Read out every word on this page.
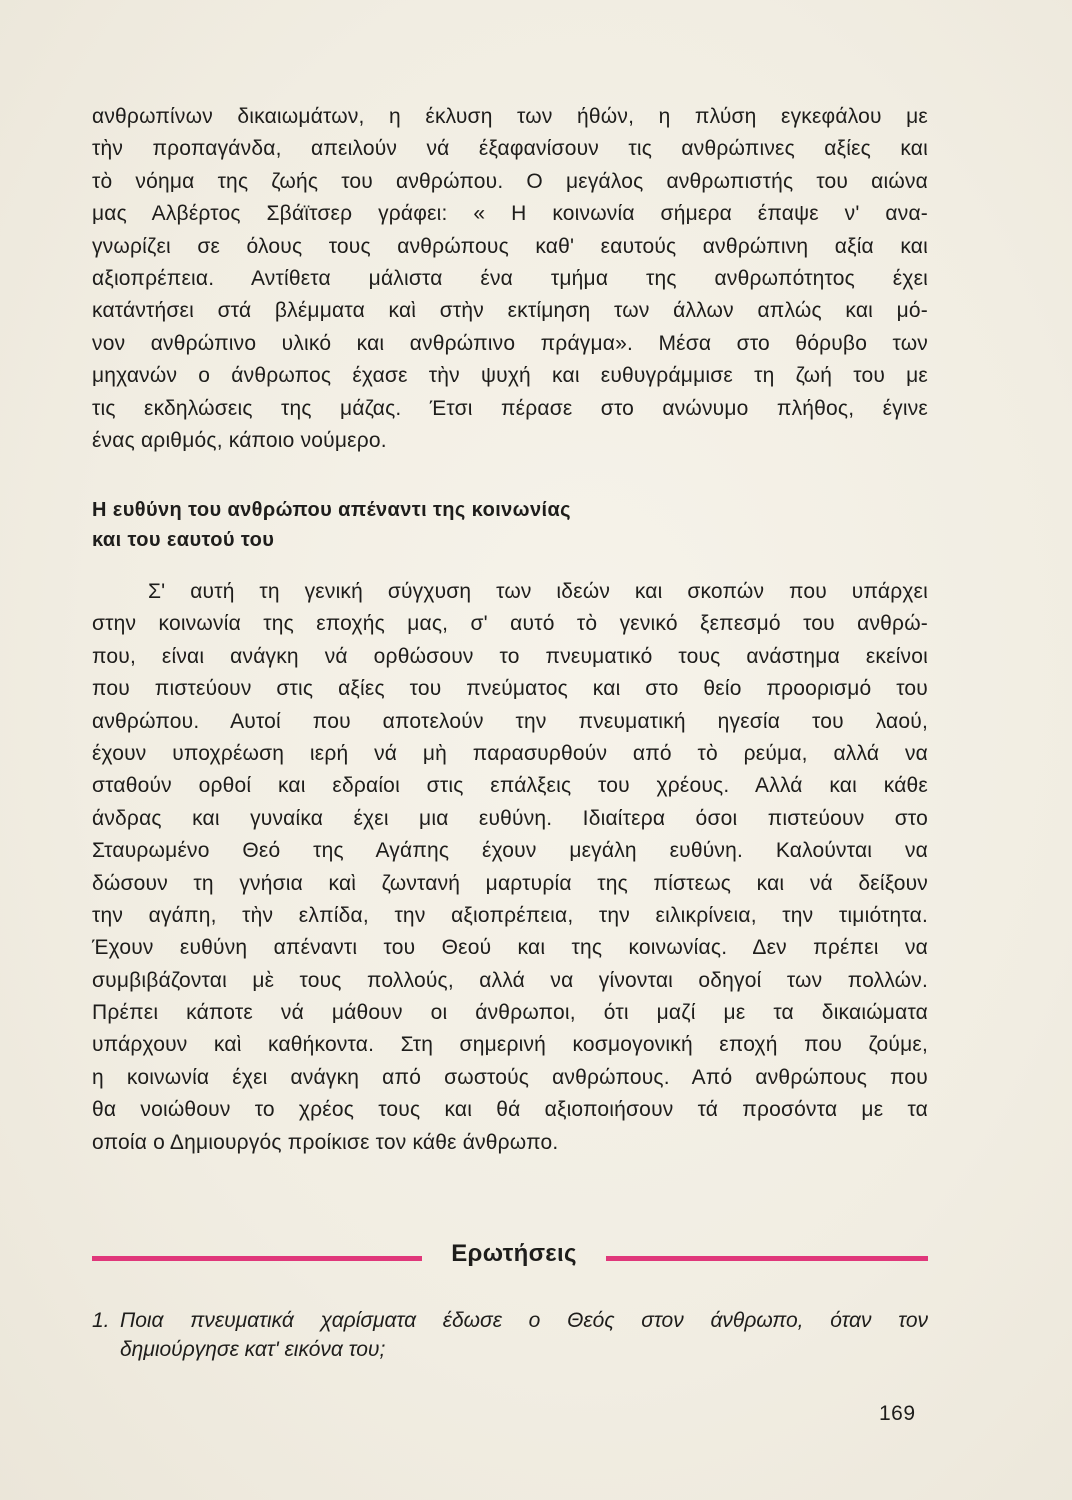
ανθρωπίνων δικαιωμάτων, η έκλυση των ήθών, η πλύση εγκεφάλου με
τὴν προπαγάνδα, απειλούν νά έξαφανίσουν τις ανθρώπινες αξίες και
τὸ νόημα της ζωής του ανθρώπου. Ο μεγάλος ανθρωπιστής του αιώνα
μας Αλβέρτος Σβάϊτσερ γράφει: « Η κοινωνία σήμερα έπαψε ν' ανα-
γνωρίζει σε όλους τους ανθρώπους καθ' εαυτούς ανθρώπινη αξία και
αξιοπρέπεια. Αντίθετα μάλιστα ένα τμήμα της ανθρωπότητος έχει
κατάντήσει στά βλέμματα καὶ στὴν εκτίμηση των άλλων απλώς και μό-
νον ανθρώπινο υλικό και ανθρώπινο πράγμα». Μέσα στο θόρυβο των
μηχανών ο άνθρωπος έχασε τὴν ψυχή και ευθυγράμμισε τη ζωή του με
τις εκδηλώσεις της μάζας. Έτσι πέρασε στο ανώνυμο πλήθος, έγινε
ένας αριθμός, κάποιο νούμερο.
Η ευθύνη του ανθρώπου απέναντι της κοινωνίας
και του εαυτού του
Σ' αυτή τη γενική σύγχυση των ιδεών και σκοπών που υπάρχει
στην κοινωνία της εποχής μας, σ' αυτό τὸ γενικό ξεπεσμό του ανθρώ-
που, είναι ανάγκη νά ορθώσουν το πνευματικό τους ανάστημα εκείνοι
που πιστεύουν στις αξίες του πνεύματος και στο θείο προορισμό του
ανθρώπου. Αυτοί που αποτελούν την πνευματική ηγεσία του λαού,
έχουν υποχρέωση ιερή νά μὴ παρασυρθούν από τὸ ρεύμα, αλλά να
σταθούν ορθοί και εδραίοι στις επάλξεις του χρέους. Αλλά και κάθε
άνδρας και γυναίκα έχει μια ευθύνη. Ιδιαίτερα όσοι πιστεύουν στο
Σταυρωμένο Θεό της Αγάπης έχουν μεγάλη ευθύνη. Καλούνται να
δώσουν τη γνήσια καὶ ζωντανή μαρτυρία της πίστεως και νά δείξουν
την αγάπη, τὴν ελπίδα, την αξιοπρέπεια, την ειλικρίνεια, την τιμιότητα.
Έχουν ευθύνη απέναντι του Θεού και της κοινωνίας. Δεν πρέπει να
συμβιβάζονται μὲ τους πολλούς, αλλά να γίνονται οδηγοί των πολλών.
Πρέπει κάποτε νά μάθουν οι άνθρωποι, ότι μαζί με τα δικαιώματα
υπάρχουν καὶ καθήκοντα. Στη σημερινή κοσμογονική εποχή που ζούμε,
η κοινωνία έχει ανάγκη από σωστούς ανθρώπους. Από ανθρώπους που
θα νοιώθουν το χρέος τους και θά αξιοποιήσουν τά προσόντα με τα
οποία ο Δημιουργός προίκισε τον κάθε άνθρωπο.
Ερωτήσεις
1. Ποια πνευματικά χαρίσματα έδωσε ο Θεός στον άνθρωπο, όταν τον
δημιούργησε κατ' εικόνα του;
169
